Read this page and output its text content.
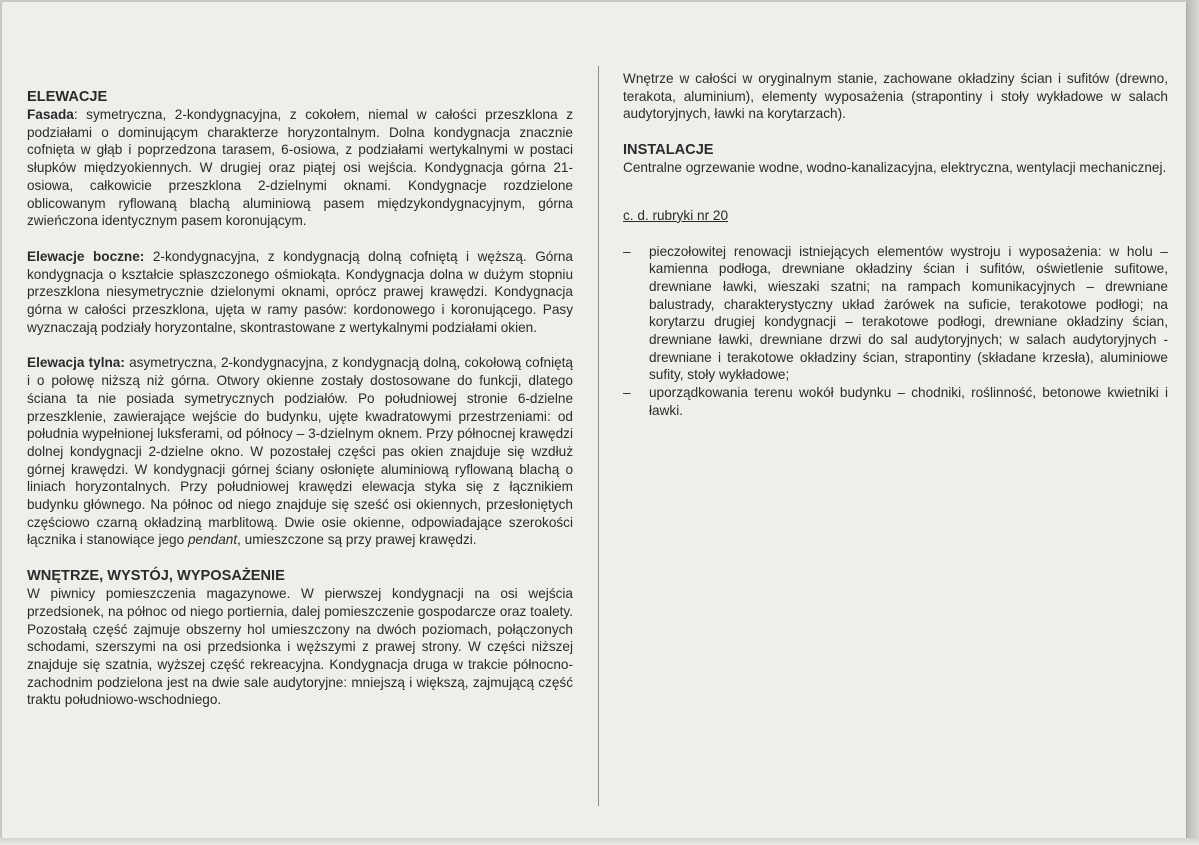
ELEWACJE

Fasada: symetryczna, 2-kondygnacyjna, z cokołem, niemal w całości przeszklona z podziałami o dominującym charakterze horyzontalnym. Dolna kondygnacja znacznie cofnięta w głąb i poprzedzona tarasem, 6-osiowa, z podziałami wertykalnymi w postaci słupków międzyokiennych. W drugiej oraz piątej osi wejścia. Kondygnacja górna 21-osiowa, całkowicie przeszklona 2-dzielnymi oknami. Kondygnacje rozdzielone oblicowanym ryflowaną blachą aluminiową pasem międzykondygnacyjnym, górna zwieńczona identycznym pasem koronującym.

Elewacje boczne: 2-kondygnacyjna, z kondygnacją dolną cofniętą i węższą. Górna kondygnacja o kształcie spłaszczonego ośmiokąta. Kondygnacja dolna w dużym stopniu przeszklona niesymetrycznie dzielonymi oknami, oprócz prawej krawędzi. Kondygnacja górna w całości przeszklona, ujęta w ramy pasów: kordonowego i koronującego. Pasy wyznaczają podziały horyzontalne, skontrastowane z wertykalnymi podziałami okien.

Elewacja tylna: asymetryczna, 2-kondygnacyjna, z kondygnacją dolną, cokołową cofniętą i o połowę niższą niż górna. Otwory okienne zostały dostosowane do funkcji, dlatego ściana ta nie posiada symetrycznych podziałów. Po południowej stronie 6-dzielne przeszklenie, zawierające wejście do budynku, ujęte kwadratowymi przestrzeniami: od południa wypełnionej luksferami, od północy – 3-dzielnym oknem. Przy północnej krawędzi dolnej kondygnacji 2-dzielne okno. W pozostałej części pas okien znajduje się wzdłuż górnej krawędzi. W kondygnacji górnej ściany osłonięte aluminiową ryflowaną blachą o liniach horyzontalnych. Przy południowej krawędzi elewacja styka się z łącznikiem budynku głównego. Na północ od niego znajduje się sześć osi okiennych, przesłoniętych częściowo czarną okładziną marblitową. Dwie osie okienne, odpowiadające szerokości łącznika i stanowiące jego pendant, umieszczone są przy prawej krawędzi.

WNĘTRZE, WYSTÓJ, WYPOSAŻENIE

W piwnicy pomieszczenia magazynowe. W pierwszej kondygnacji na osi wejścia przedsionek, na północ od niego portiernia, dalej pomieszczenie gospodarcze oraz toalety. Pozostałą część zajmuje obszerny hol umieszczony na dwóch poziomach, połączonych schodami, szerszymi na osi przedsionka i węższymi z prawej strony. W części niższej znajduje się szatnia, wyższej część rekreacyjna. Kondygnacja druga w trakcie północno-zachodnim podzielona jest na dwie sale audytoryjne: mniejszą i większą, zajmującą część traktu południowo-wschodniego.

Wnętrze w całości w oryginalnym stanie, zachowane okładziny ścian i sufitów (drewno, terakota, aluminium), elementy wyposażenia (strapontiny i stoły wykładowe w salach audytoryjnych, ławki na korytarzach).

INSTALACJE

Centralne ogrzewanie wodne, wodno-kanalizacyjna, elektryczna, wentylacji mechanicznej.

c. d. rubryki nr 20

– pieczołowitej renowacji istniejących elementów wystroju i wyposażenia: w holu – kamienna podłoga, drewniane okładziny ścian i sufitów, oświetlenie sufitowe, drewniane ławki, wieszaki szatni; na rampach komunikacyjnych – drewniane balustrady, charakterystyczny układ żarówek na suficie, terakotowe podłogi; na korytarzu drugiej kondygnacji – terakotowe podłogi, drewniane okładziny ścian, drewniane ławki, drewniane drzwi do sal audytoryjnych; w salach audytoryjnych - drewniane i terakotowe okładziny ścian, strapontiny (składane krzesła), aluminiowe sufity, stoły wykładowe;
– uporządkowania terenu wokół budynku – chodniki, roślinność, betonowe kwietniki i ławki.
